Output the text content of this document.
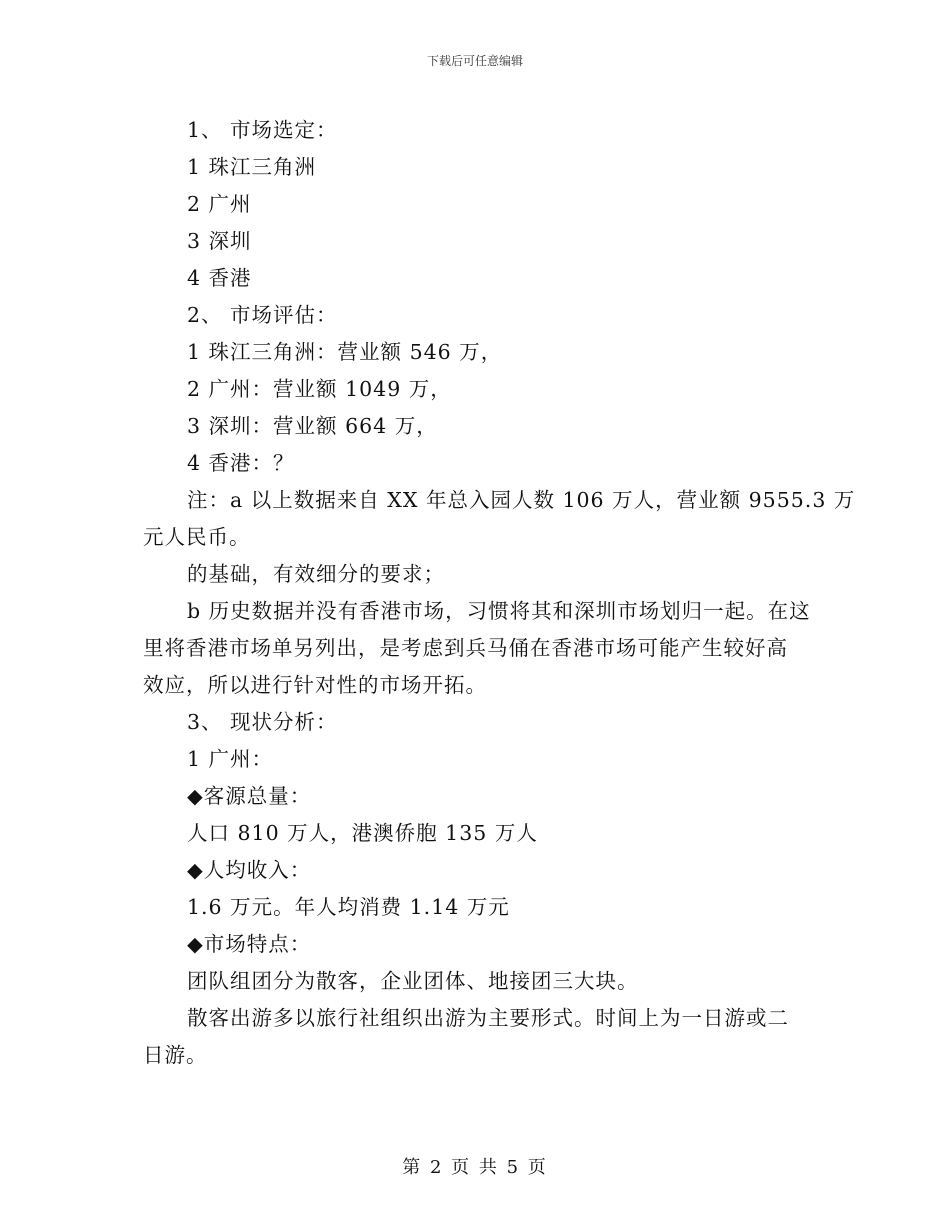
下载后可任意编辑
1、 市场选定：
1 珠江三角洲
2 广州
3 深圳
4 香港
2、 市场评估：
1 珠江三角洲：营业额 546 万，
2 广州：营业额 1049 万，
3 深圳：营业额 664 万，
4 香港：？
注：a 以上数据来自 XX 年总入园人数 106 万人，营业额 9555.3 万
元人民币。
的基础，有效细分的要求；
b 历史数据并没有香港市场，习惯将其和深圳市场划归一起。在这
里将香港市场单另列出，是考虑到兵马俑在香港市场可能产生较好高
效应，所以进行针对性的市场开拓。
3、 现状分析：
1 广州：
◆客源总量：
人口 810 万人，港澳侨胞 135 万人
◆人均收入：
1.6 万元。年人均消费 1.14 万元
◆市场特点：
团队组团分为散客，企业团体、地接团三大块。
散客出游多以旅行社组织出游为主要形式。时间上为一日游或二
日游。
第 2 页 共 5 页
